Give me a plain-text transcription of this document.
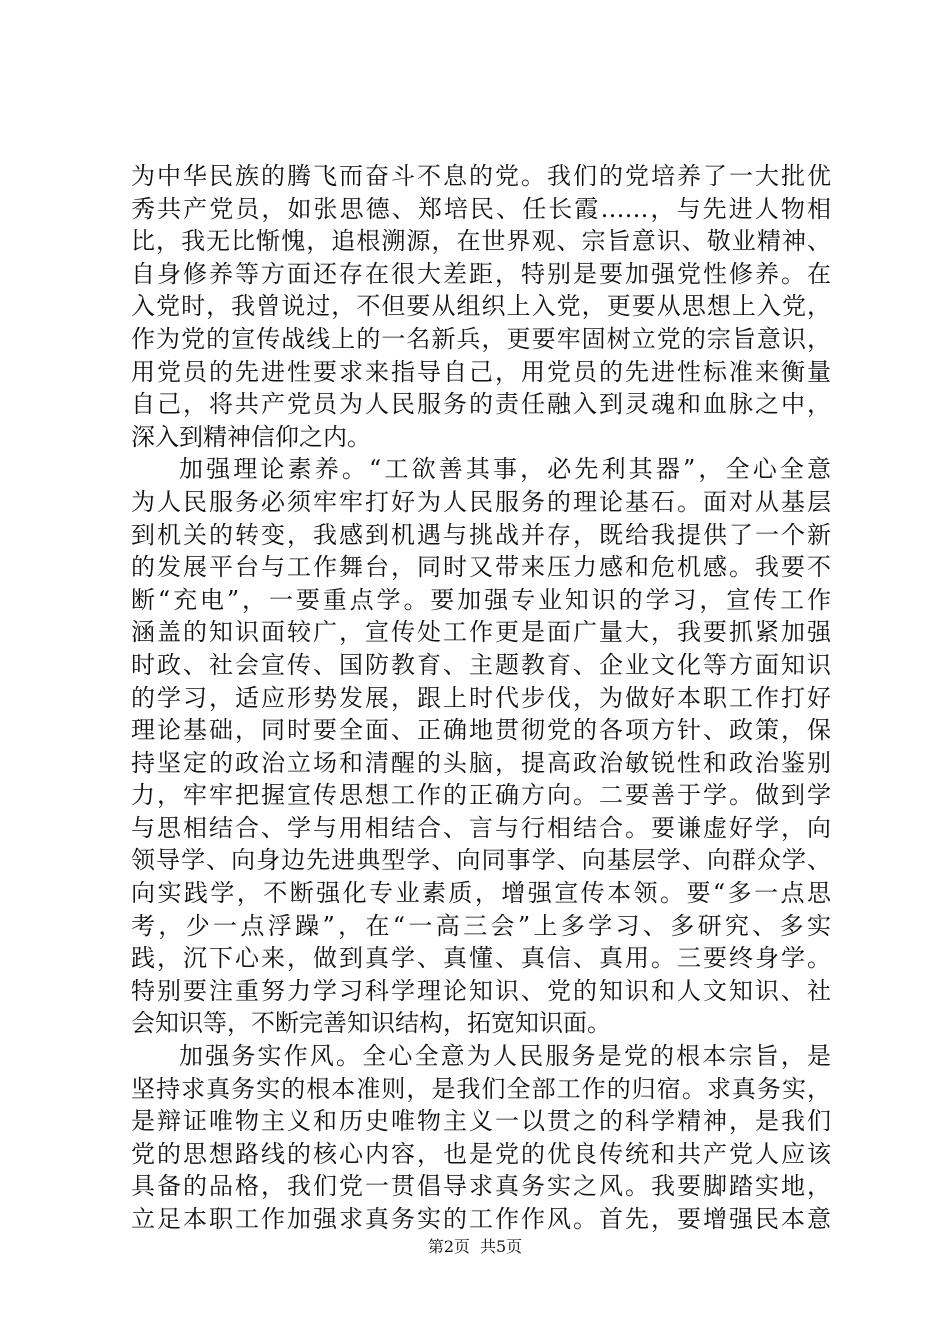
为中华民族的腾飞而奋斗不息的党。我们的党培养了一大批优
秀共产党员，如张思德、郑培民、任长霞……，与先进人物相
比，我无比惭愧，追根溯源，在世界观、宗旨意识、敬业精神、
自身修养等方面还存在很大差距，特别是要加强党性修养。在
入党时，我曾说过，不但要从组织上入党，更要从思想上入党，
作为党的宣传战线上的一名新兵，更要牢固树立党的宗旨意识，
用党员的先进性要求来指导自己，用党员的先进性标准来衡量
自己，将共产党员为人民服务的责任融入到灵魂和血脉之中，
深入到精神信仰之内。
加强理论素养。“工欲善其事，必先利其器”，全心全意
为人民服务必须牢牢打好为人民服务的理论基石。面对从基层
到机关的转变，我感到机遇与挑战并存，既给我提供了一个新
的发展平台与工作舞台，同时又带来压力感和危机感。我要不
断“充电”，一要重点学。要加强专业知识的学习，宣传工作
涵盖的知识面较广，宣传处工作更是面广量大，我要抓紧加强
时政、社会宣传、国防教育、主题教育、企业文化等方面知识
的学习，适应形势发展，跟上时代步伐，为做好本职工作打好
理论基础，同时要全面、正确地贯彻党的各项方针、政策，保
持坚定的政治立场和清醒的头脑，提高政治敏锐性和政治鉴别
力，牢牢把握宣传思想工作的正确方向。二要善于学。做到学
与思相结合、学与用相结合、言与行相结合。要谦虚好学，向
领导学、向身边先进典型学、向同事学、向基层学、向群众学、
向实践学，不断强化专业素质，增强宣传本领。要“多一点思
考，少一点浮躁”，在“一高三会”上多学习、多研究、多实
践，沉下心来，做到真学、真懂、真信、真用。三要终身学。
特别要注重努力学习科学理论知识、党的知识和人文知识、社
会知识等，不断完善知识结构，拓宽知识面。
加强务实作风。全心全意为人民服务是党的根本宗旨，是
坚持求真务实的根本准则，是我们全部工作的归宿。求真务实，
是辩证唯物主义和历史唯物主义一以贯之的科学精神，是我们
党的思想路线的核心内容，也是党的优良传统和共产党人应该
具备的品格，我们党一贯倡导求真务实之风。我要脚踏实地，
立足本职工作加强求真务实的工作作风。首先，要增强民本意
第2页 共5页
